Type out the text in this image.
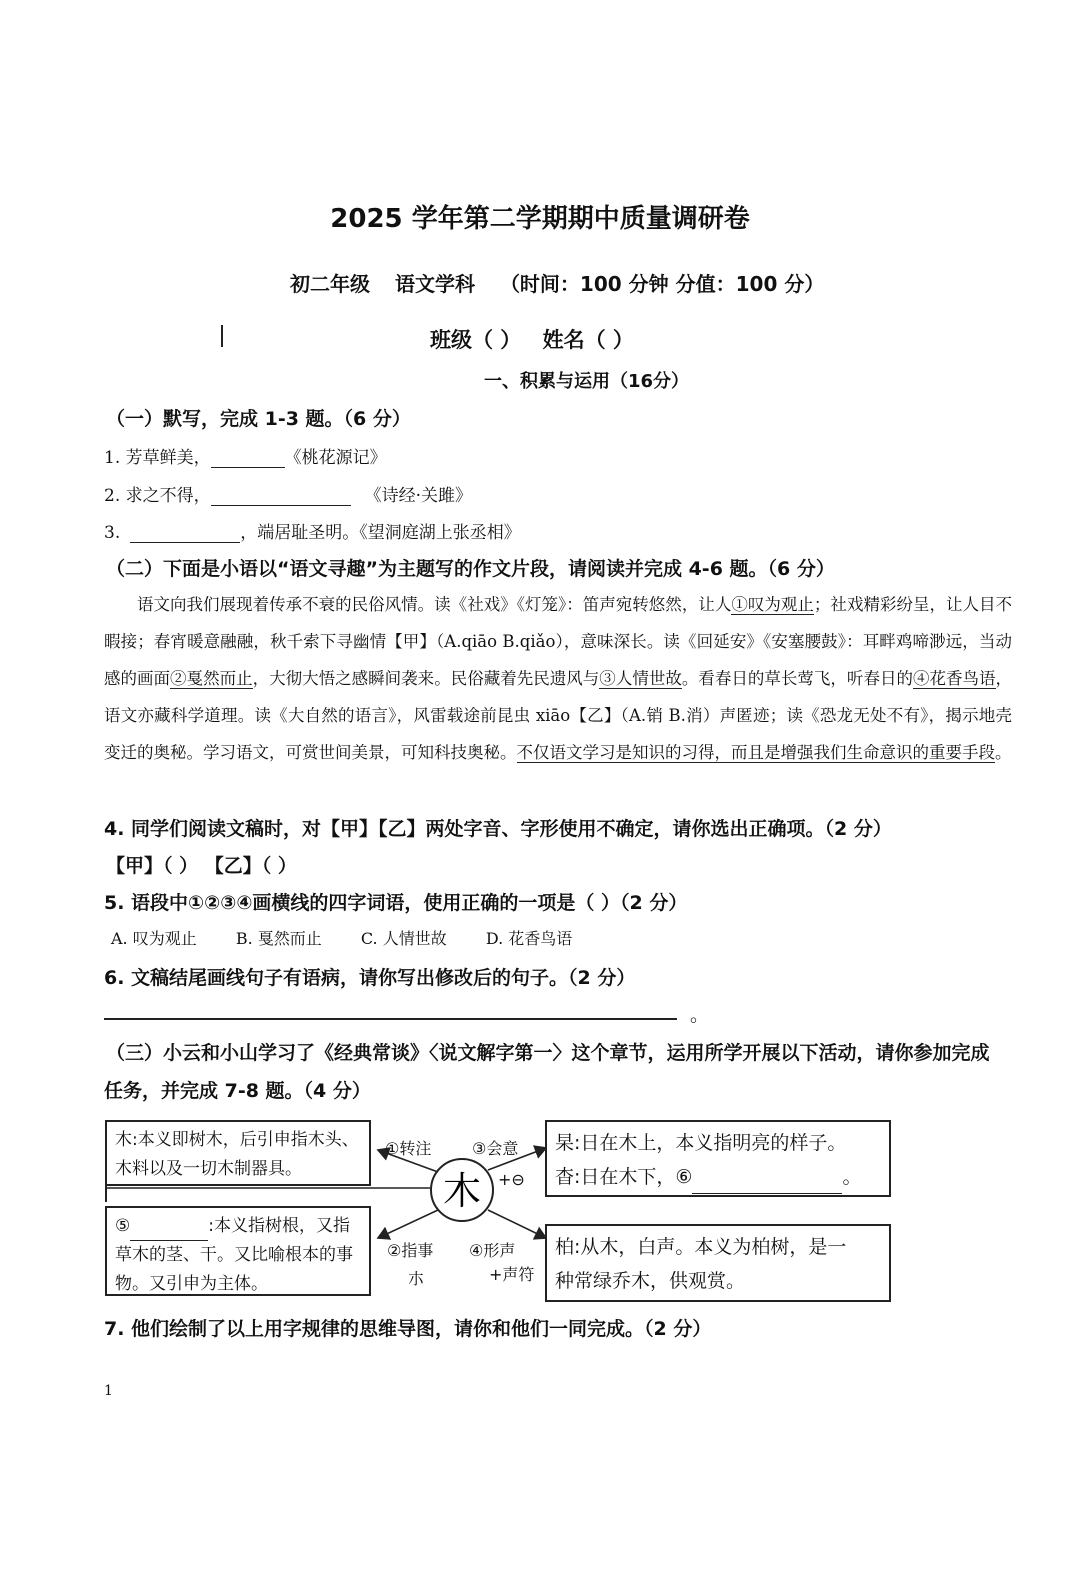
2025 学年第二学期期中质量调研卷
初二年级 语文学科 （时间：100 分钟 分值：100 分）
班级（ ） 姓名（ ）
一、积累与运用（16分）
（一）默写，完成 1-3 题。（6 分）
1. 芳草鲜美，	《桃花源记》
2. 求之不得，	《诗经·关雎》
3.	，端居耻圣明。《望洞庭湖上张丞相》
（二）下面是小语以“语文寻趣”为主题写的作文片段，请阅读并完成 4-6 题。（6 分）
语文向我们展现着传承不衰的民俗风情。读《社戏》《灯笼》：笛声宛转悠然，让人①叹为观止；社戏精彩纷呈，让人目不暇接；春宵暖意融融，秋千索下寻幽情【甲】（A.qiāo B.qiǎo），意味深长。读《回延安》《安塞腰鼓》：耳畔鸡啼渺远，当动感的画面②戛然而止，大彻大悟之感瞬间袭来。民俗藏着先民遗风与③人情世故。看春日的草长莺飞，听春日的④花香鸟语，语文亦藏科学道理。读《大自然的语言》，风雷载途前昆虫 xiāo【乙】（A.销 B.消）声匿迹；读《恐龙无处不有》，揭示地壳变迁的奥秘。学习语文，可赏世间美景，可知科技奥秘。不仅语文学习是知识的习得，而且是增强我们生命意识的重要手段。
4. 同学们阅读文稿时，对【甲】【乙】两处字音、字形使用不确定，请你选出正确项。（2 分）
【甲】（ ） 【乙】（ ）
5. 语段中①②③④画横线的四字词语，使用正确的一项是（ ）（2 分）
A. 叹为观止 B. 戛然而止 C. 人情世故 D. 花香鸟语
6. 文稿结尾画线句子有语病，请你写出修改后的句子。（2 分）
。
（三）小云和小山学习了《经典常谈》〈说文解字第一〉这个章节，运用所学开展以下活动，请你参加完成
任务，并完成 7-8 题。（4 分）
木
木:本义即树木，后引申指木头、
木料以及一切木制器具。
⑤	:本义指树根，又指
草木的茎、干。又比喻根本的事
物。又引申为主体。
杲:日在木上，本义指明亮的样子。
杳:日在木下，⑥	。
柏:从木，白声。本义为柏树，是一
种常绿乔木，供观赏。
①转注	③会意
+⊖
②指事
朩
④形声
+声符
7. 他们绘制了以上用字规律的思维导图，请你和他们一同完成。（2 分）
1
